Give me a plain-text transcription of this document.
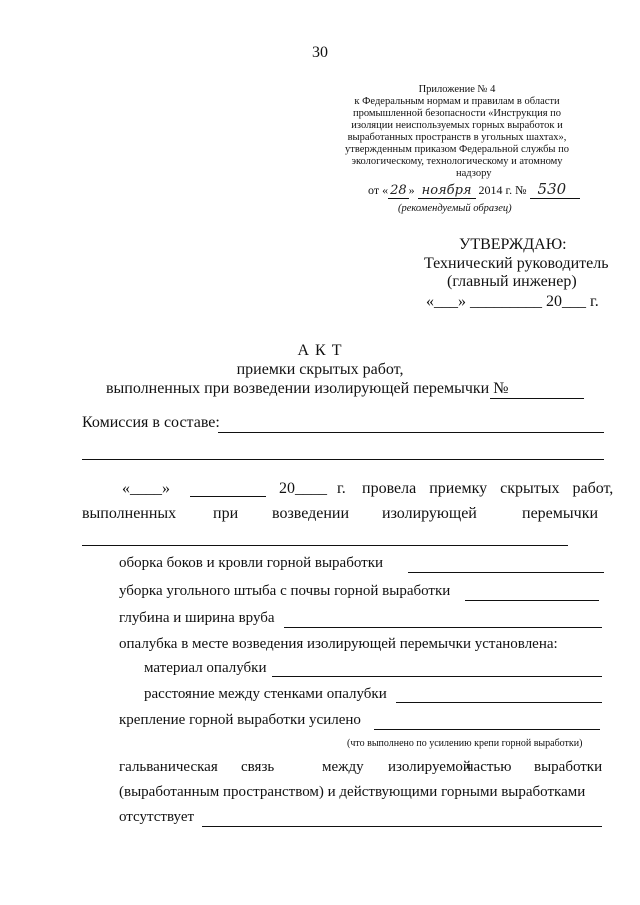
30
Приложение № 4
к Федеральным нормам и правилам в области
промышленной безопасности «Инструкция по
изоляции неиспользуемых горных выработок и
выработанных пространств в угольных шахтах»,
утвержденным приказом Федеральной службы по
экологическому, технологическому и атомному
надзору
от « 28 » ноября 2014 г. № 530
(рекомендуемый образец)
УТВЕРЖДАЮ:
Технический руководитель
(главный инженер)
«___» _________ 20___ г.
А К Т
приемки скрытых работ,
выполненных при возведении изолирующей перемычки №
Комиссия в составе:
«____»	20____ г. провела приемку скрытых работ,
выполненных при возведении изолирующей	перемычки
оборка боков и кровли горной выработки
уборка угольного штыба с почвы горной выработки
глубина и ширина вруба
опалубка в месте возведения изолирующей перемычки установлена:
материал опалубки
расстояние между стенками опалубки
крепление горной выработки усилено
(что выполнено по усилению крепи горной выработки)
гальваническая связь	между изолируемой
частью выработки
(выработанным пространством) и действующими горными выработками
отсутствует
